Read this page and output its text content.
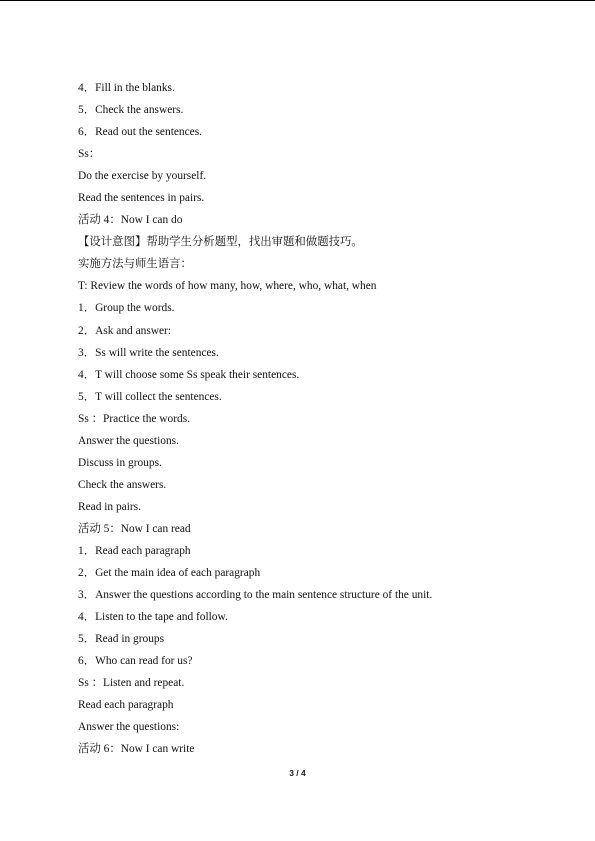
4．Fill in the blanks.
5．Check the answers.
6．Read out the sentences.
Ss：
Do the exercise by yourself.
Read the sentences in pairs.
活动 4：Now I can do
【设计意图】帮助学生分析题型，找出审题和做题技巧。
实施方法与师生语言：
T: Review the words of how many, how, where, who, what, when
1．Group the words.
2．Ask and answer:
3．Ss will write the sentences.
4．T will choose some Ss speak their sentences.
5．T will collect the sentences.
Ss ：Practice the words.
Answer the questions.
Discuss in groups.
Check the answers.
Read in pairs.
活动 5：Now I can read
1．Read each paragraph
2．Get the main idea of each paragraph
3．Answer the questions according to the main sentence structure of the unit.
4．Listen to the tape and follow.
5．Read in groups
6．Who can read for us?
Ss ：Listen and repeat.
Read each paragraph
Answer the questions:
活动 6：Now I can write
3 / 4
